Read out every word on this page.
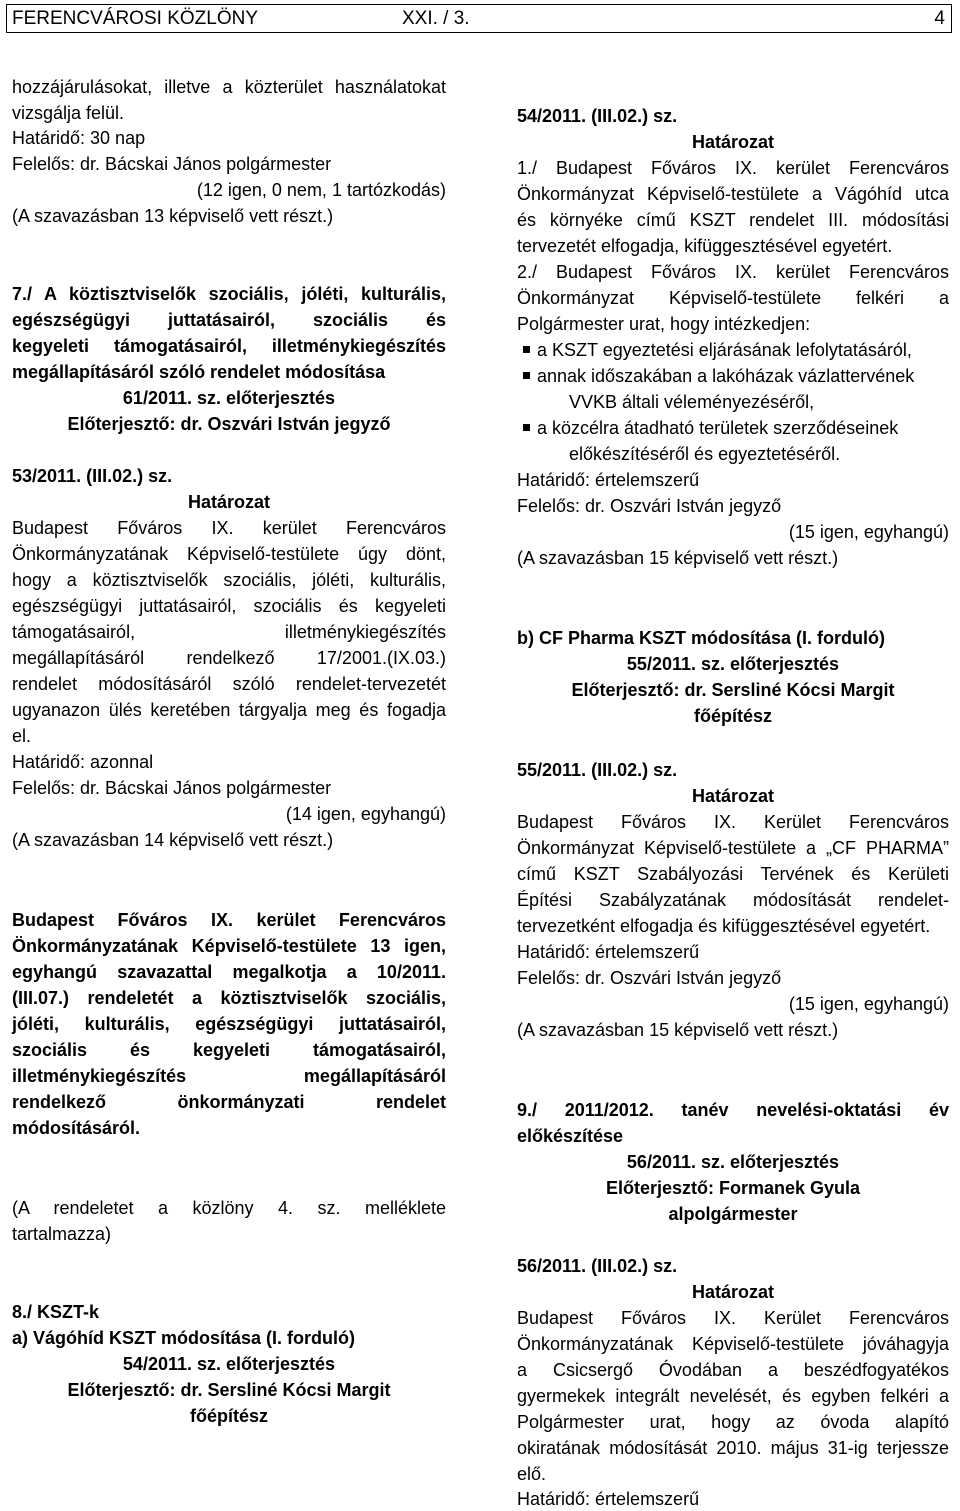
FERENCVÁROSI KÖZLÖNY	XXI. / 3.	4
hozzájárulásokat, illetve a közterület használatokat
vizsgálja felül.
Határidő: 30 nap
Felelős: dr. Bácskai János polgármester
(12 igen, 0 nem, 1 tartózkodás)
(A szavazásban 13 képviselő vett részt.)
7./ A köztisztviselők szociális, jóléti, kulturális,
egészségügyi juttatásairól, szociális és
kegyeleti támogatásairól, illetménykiegészítés
megállapításáról szóló rendelet módosítása
61/2011. sz. előterjesztés
Előterjesztő: dr. Oszvári István jegyző
53/2011. (III.02.) sz.
Határozat
Budapest Főváros IX. kerület Ferencváros
Önkormányzatának Képviselő-testülete úgy dönt,
hogy a köztisztviselők szociális, jóléti, kulturális,
egészségügyi juttatásairól, szociális és kegyeleti
támogatásairól, illetménykiegészítés
megállapításáról rendelkező 17/2001.(IX.03.)
rendelet módosításáról szóló rendelet-tervezetét
ugyanazon ülés keretében tárgyalja meg és fogadja
el.
Határidő: azonnal
Felelős: dr. Bácskai János polgármester
(14 igen, egyhangú)
(A szavazásban 14 képviselő vett részt.)
Budapest Főváros IX. kerület Ferencváros
Önkormányzatának Képviselő-testülete 13 igen,
egyhangú szavazattal megalkotja a 10/2011.
(III.07.) rendeletét a köztisztviselők szociális,
jóléti, kulturális, egészségügyi juttatásairól,
szociális és kegyeleti támogatásairól,
illetménykiegészítés megállapításáról
rendelkező önkormányzati rendelet
módosításáról.
(A rendeletet a közlöny 4. sz. melléklete
tartalmazza)
8./ KSZT-k
a) Vágóhíd KSZT módosítása (I. forduló)
54/2011. sz. előterjesztés
Előterjesztő: dr. Sersliné Kócsi Margit
főépítész
54/2011. (III.02.) sz.
Határozat
1./ Budapest Főváros IX. kerület Ferencváros
Önkormányzat Képviselő-testülete a Vágóhíd utca
és környéke című KSZT rendelet III. módosítási
tervezetét elfogadja, kifüggesztésével egyetért.
2./ Budapest Főváros IX. kerület Ferencváros
Önkormányzat Képviselő-testülete felkéri a
Polgármester urat, hogy intézkedjen:
a KSZT egyeztetési eljárásának lefolytatásáról,
annak időszakában a lakóházak vázlattervének
VVKB általi véleményezéséről,
a közcélra átadható területek szerződéseinek
előkészítéséről és egyeztetéséről.
Határidő: értelemszerű
Felelős: dr. Oszvári István jegyző
(15 igen, egyhangú)
(A szavazásban 15 képviselő vett részt.)
b) CF Pharma KSZT módosítása (I. forduló)
55/2011. sz. előterjesztés
Előterjesztő: dr. Sersliné Kócsi Margit
főépítész
55/2011. (III.02.) sz.
Határozat
Budapest Főváros IX. Kerület Ferencváros
Önkormányzat Képviselő-testülete a „CF PHARMA”
című KSZT Szabályozási Tervének és Kerületi
Építési Szabályzatának módosítását rendelet-
tervezetként elfogadja és kifüggesztésével egyetért.
Határidő: értelemszerű
Felelős: dr. Oszvári István jegyző
(15 igen, egyhangú)
(A szavazásban 15 képviselő vett részt.)
9./ 2011/2012. tanév nevelési-oktatási év
előkészítése
56/2011. sz. előterjesztés
Előterjesztő: Formanek Gyula
alpolgármester
56/2011. (III.02.) sz.
Határozat
Budapest Főváros IX. Kerület Ferencváros
Önkormányzatának Képviselő-testülete jóváhagyja
a Csicsergő Óvodában a beszédfogyatékos
gyermekek integrált nevelését, és egyben felkéri a
Polgármester urat, hogy az óvoda alapító
okiratának módosítását 2010. május 31-ig terjessze
elő.
Határidő: értelemszerű
